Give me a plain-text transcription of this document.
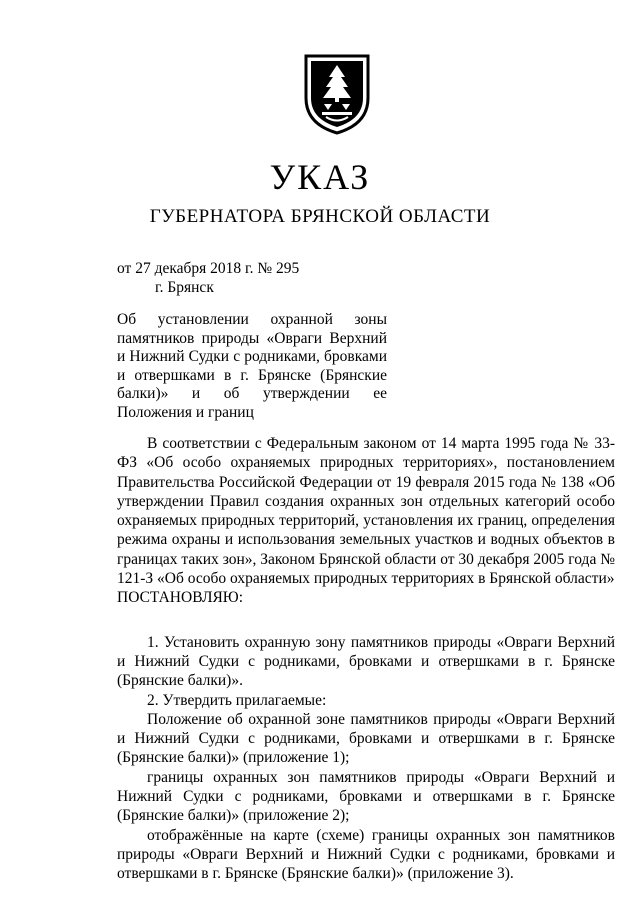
УКАЗ
ГУБЕРНАТОРА БРЯНСКОЙ ОБЛАСТИ
от 27 декабря 2018 г. № 295
г. Брянск
Об установлении охранной зоны памятников природы «Овраги Верхний и Нижний Судки с родниками, бровками и отвершками в г. Брянске (Брянские балки)» и об утверждении ее Положения и границ

В соответствии с Федеральным законом от 14 марта 1995 года № 33-ФЗ «Об особо охраняемых природных территориях», постановлением Правительства Российской Федерации от 19 февраля 2015 года № 138 «Об утверждении Правил создания охранных зон отдельных категорий особо охраняемых природных территорий, установления их границ, определения режима охраны и использования земельных участков и водных объектов в границах таких зон», Законом Брянской области от 30 декабря 2005 года № 121-З «Об особо охраняемых природных территориях в Брянской области»

ПОСТАНОВЛЯЮ:

1. Установить охранную зону памятников природы «Овраги Верхний и Нижний Судки с родниками, бровками и отвершками в г. Брянске (Брянские балки)».

2. Утвердить прилагаемые:

Положение об охранной зоне памятников природы «Овраги Верхний и Нижний Судки с родниками, бровками и отвершками в г. Брянске (Брянские балки)» (приложение 1);

границы охранных зон памятников природы «Овраги Верхний и Нижний Судки с родниками, бровками и отвершками в г. Брянске (Брянские балки)» (приложение 2);

отображённые на карте (схеме) границы охранных зон памятников природы «Овраги Верхний и Нижний Судки с родниками, бровками и отвершками в г. Брянске (Брянские балки)» (приложение 3).
